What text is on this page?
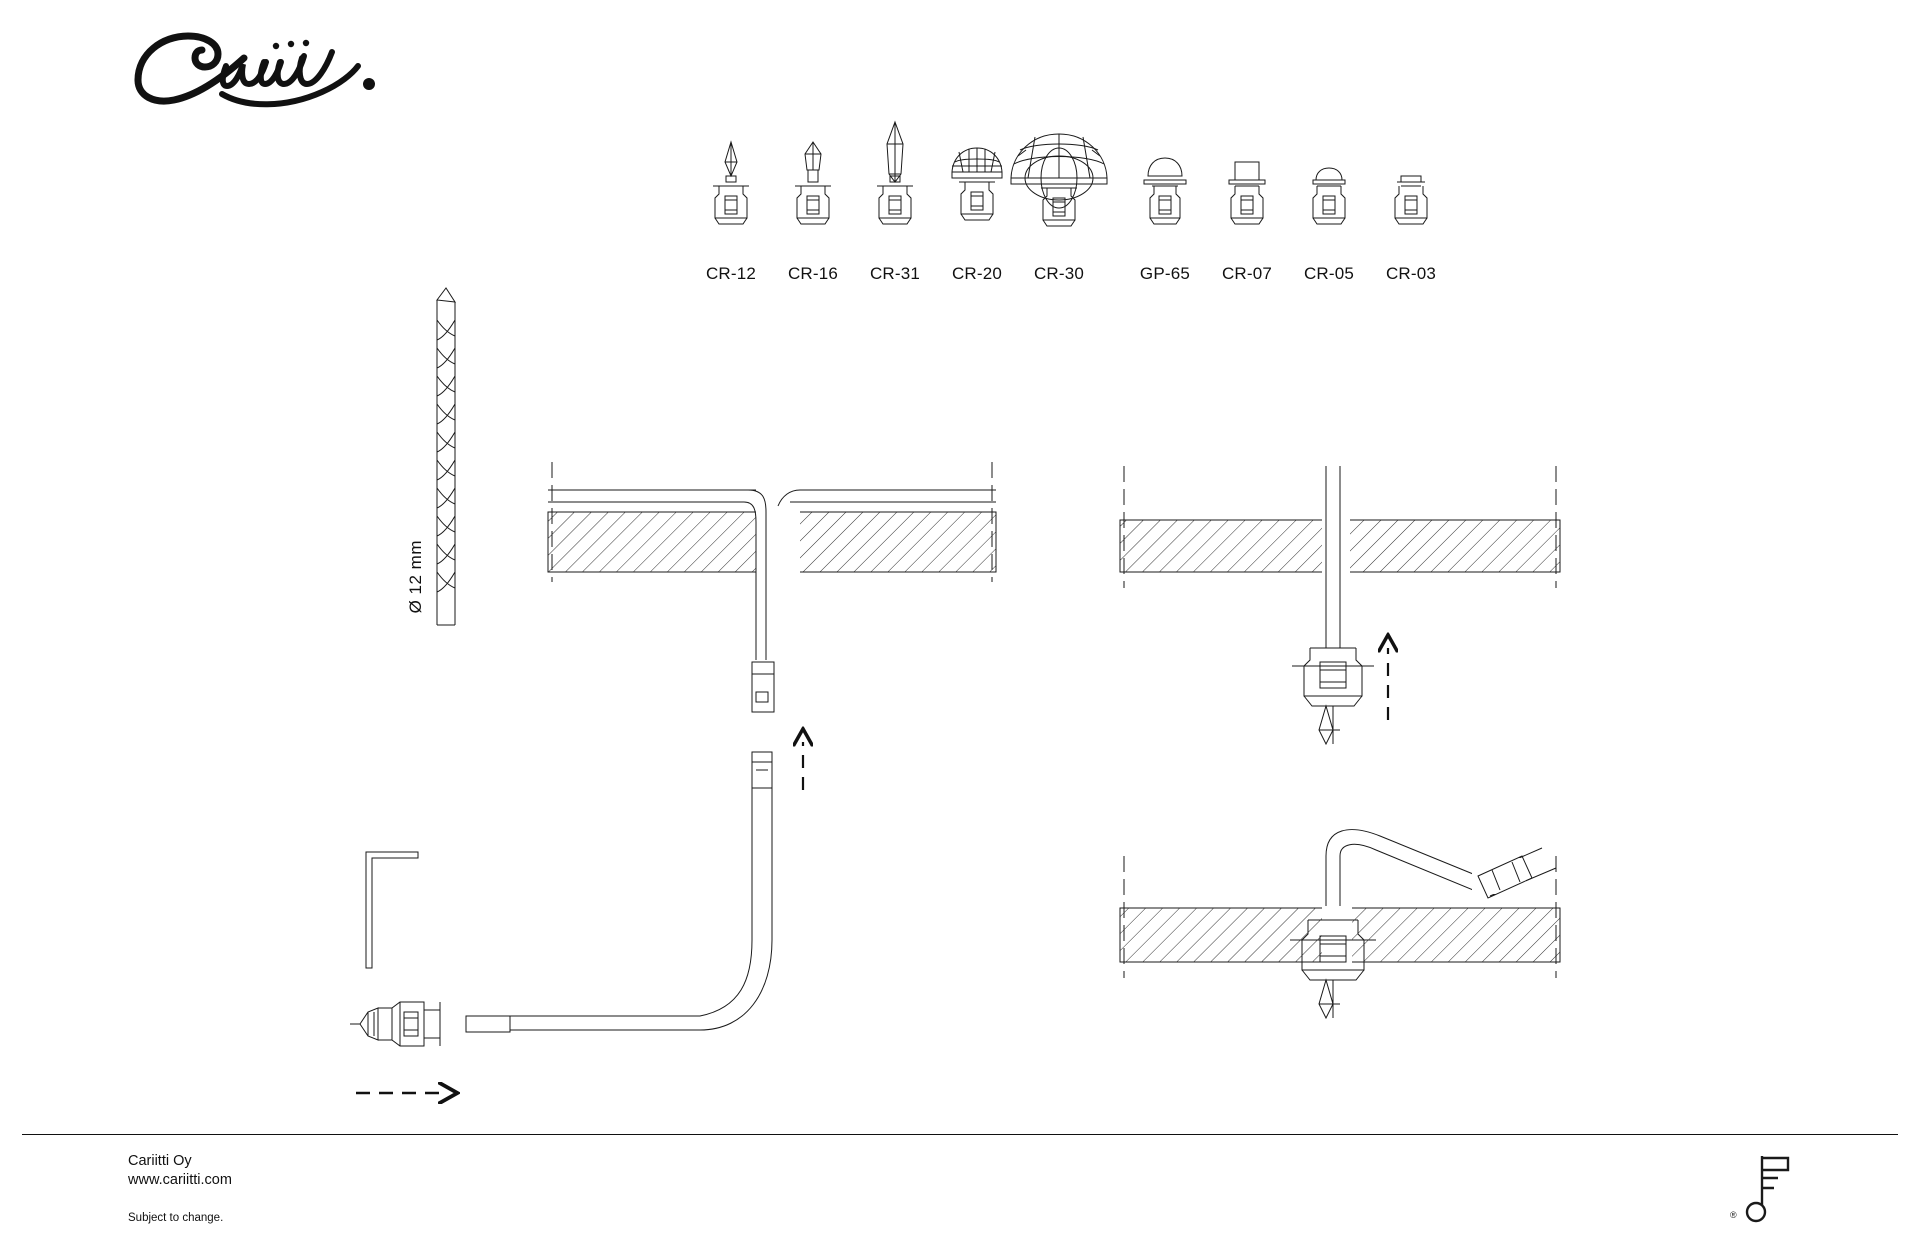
CR-12	CR-16	CR-31	CR-20	CR-30	GP-65	CR-07	CR-05	CR-03
Ø 12 mm
Cariitti Oy
www.cariitti.com
Subject to change.	®
